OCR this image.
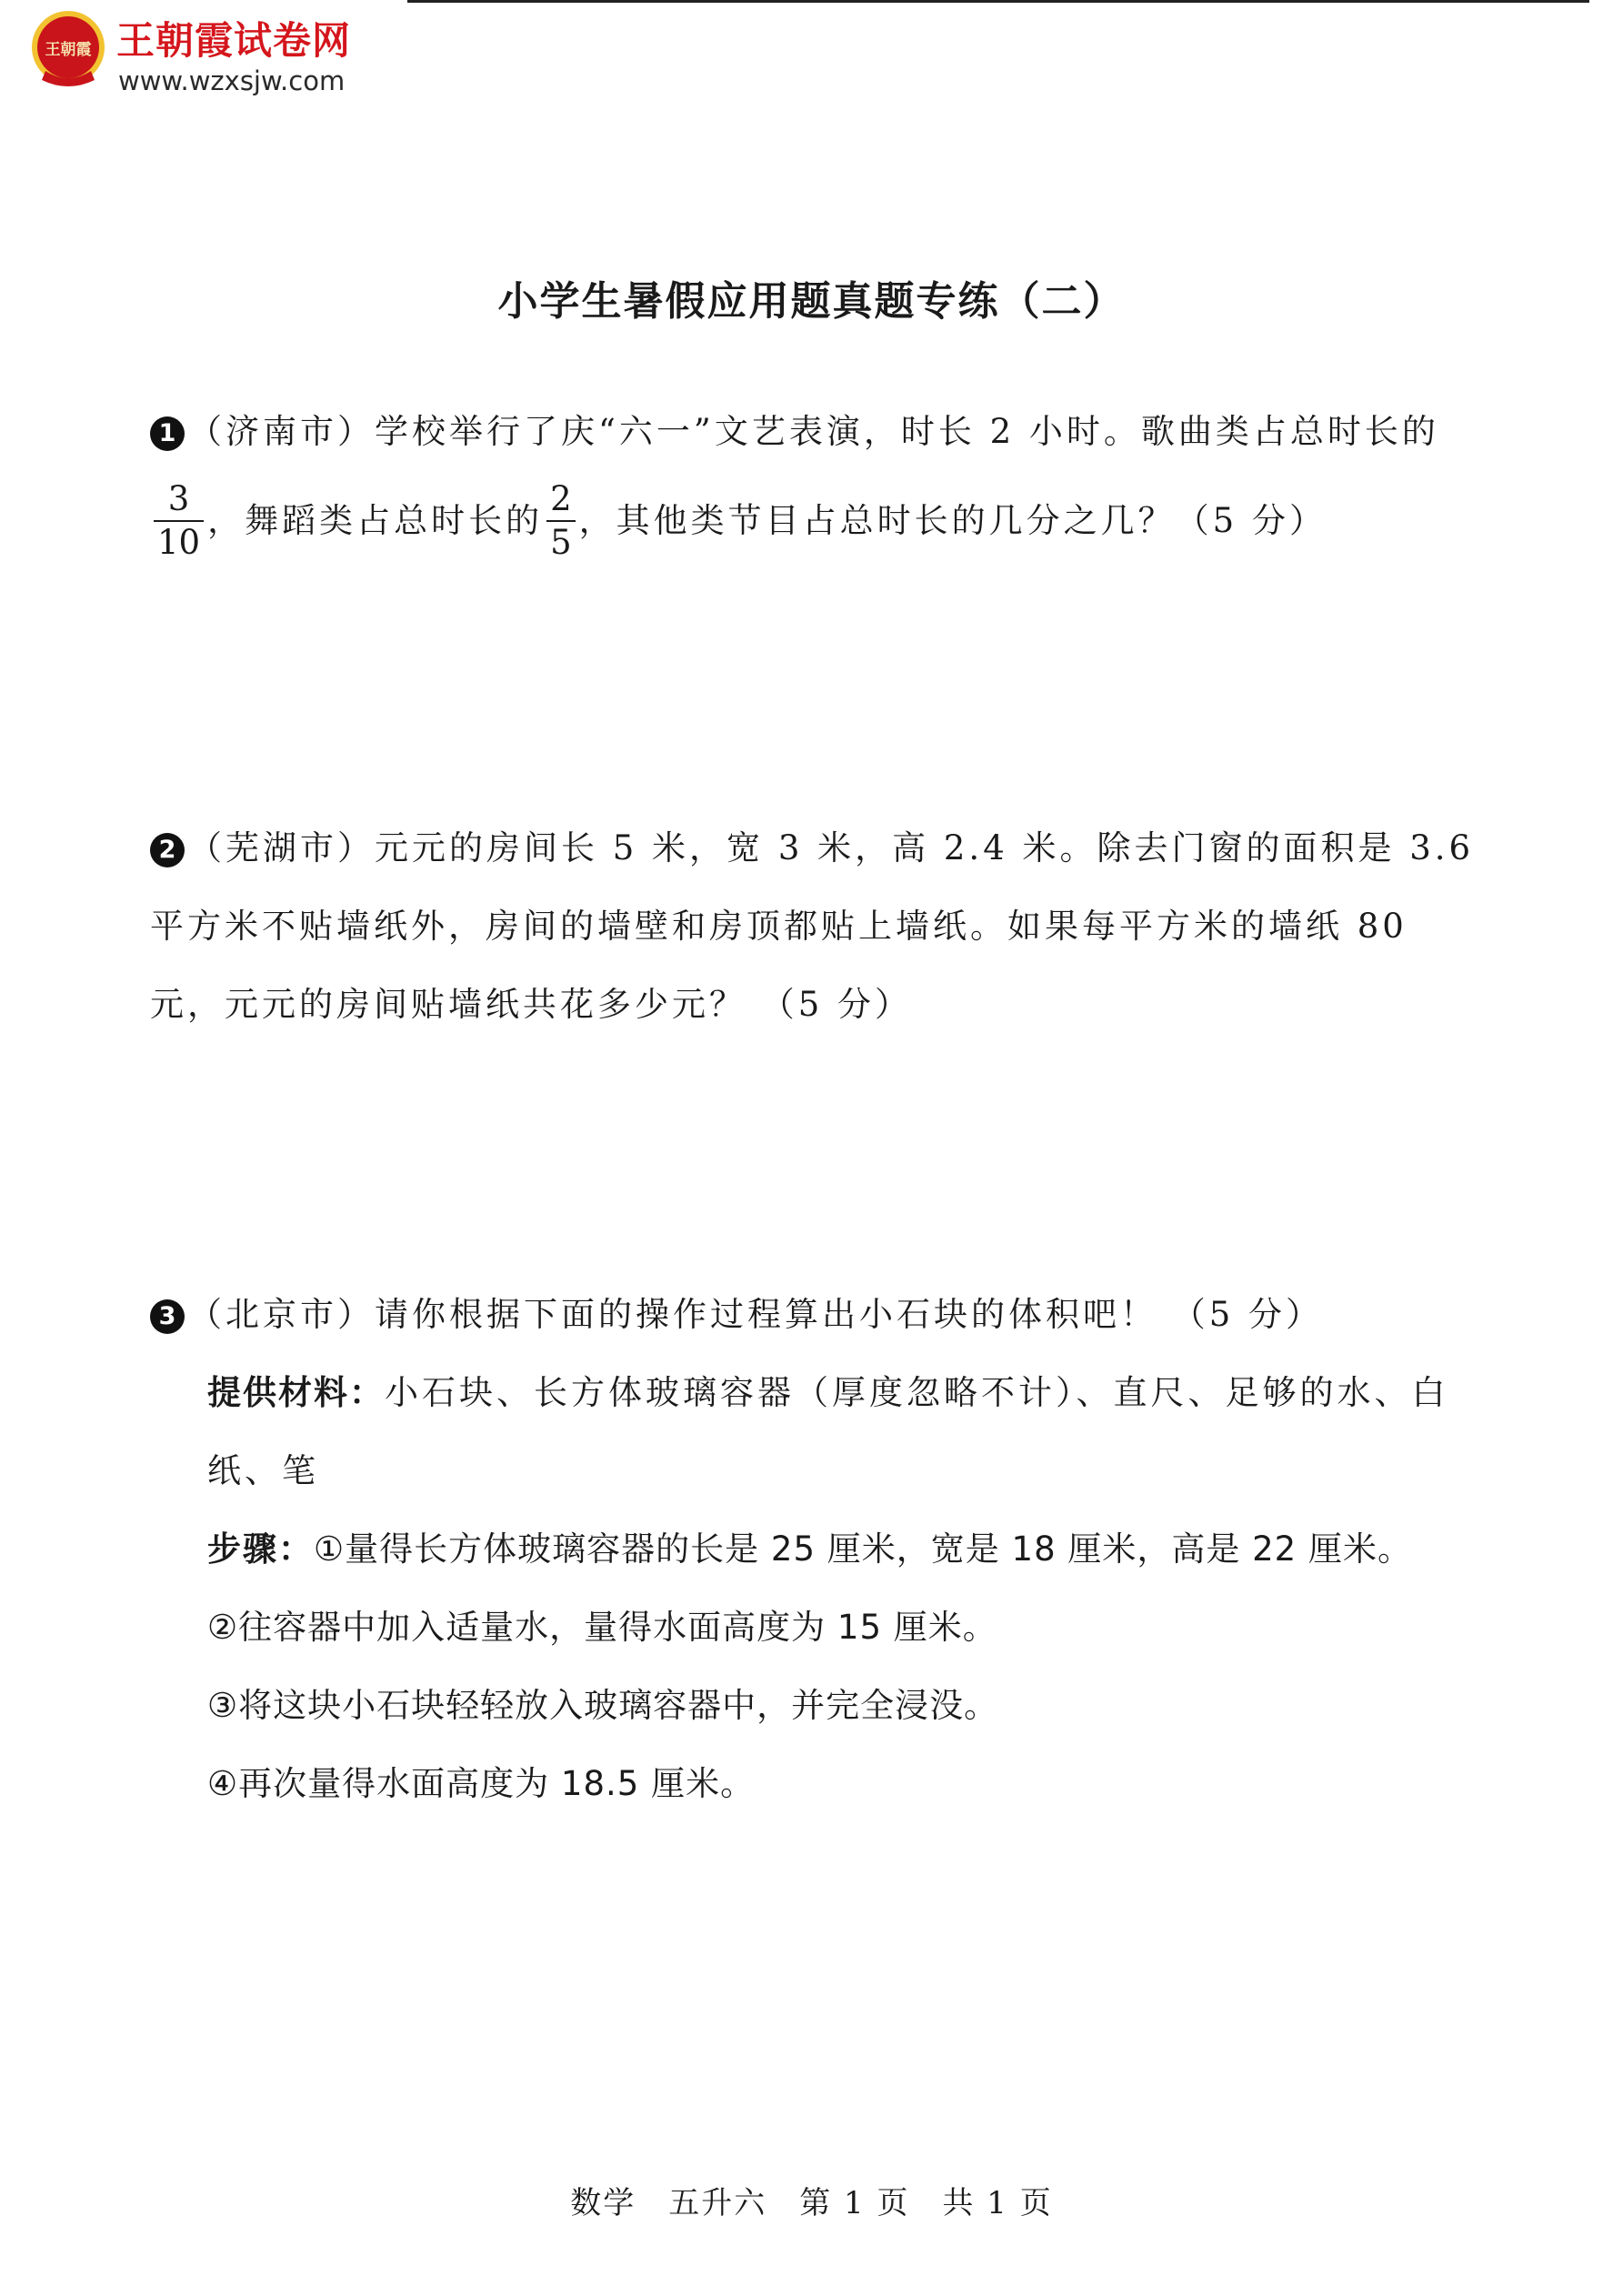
王朝霞 王朝霞试卷网
www.wzxsjw.com
小学生暑假应用题真题专练（二）
1 （济南市）学校举行了庆“六一”文艺表演，时长 2 小时。歌曲类占总时长的
$\frac{3}{10}$ ，舞蹈类占总时长的 $\frac{2}{5}$ ，其他类节目占总时长的几分之几？（5 分）
2 （芜湖市）元元的房间长 5 米，宽 3 米，高 2.4 米。除去门窗的面积是 3.6 平方米不贴墙纸外，房间的墙壁和房顶都贴上墙纸。如果每平方米的墙纸 80 元，元元的房间贴墙纸共花多少元？ （5 分）
3 （北京市）请你根据下面的操作过程算出小石块的体积吧！ （5 分）
提供材料：小石块、长方体玻璃容器（厚度忽略不计）、直尺、足够的水、白
纸、笔
步骤：①量得长方体玻璃容器的长是 25 厘米，宽是 18 厘米，高是 22 厘米。
②往容器中加入适量水，量得水面高度为 15 厘米。
③将这块小石块轻轻放入玻璃容器中，并完全浸没。
④再次量得水面高度为 18.5 厘米。
数学　五升六　第 1 页　共 1 页
